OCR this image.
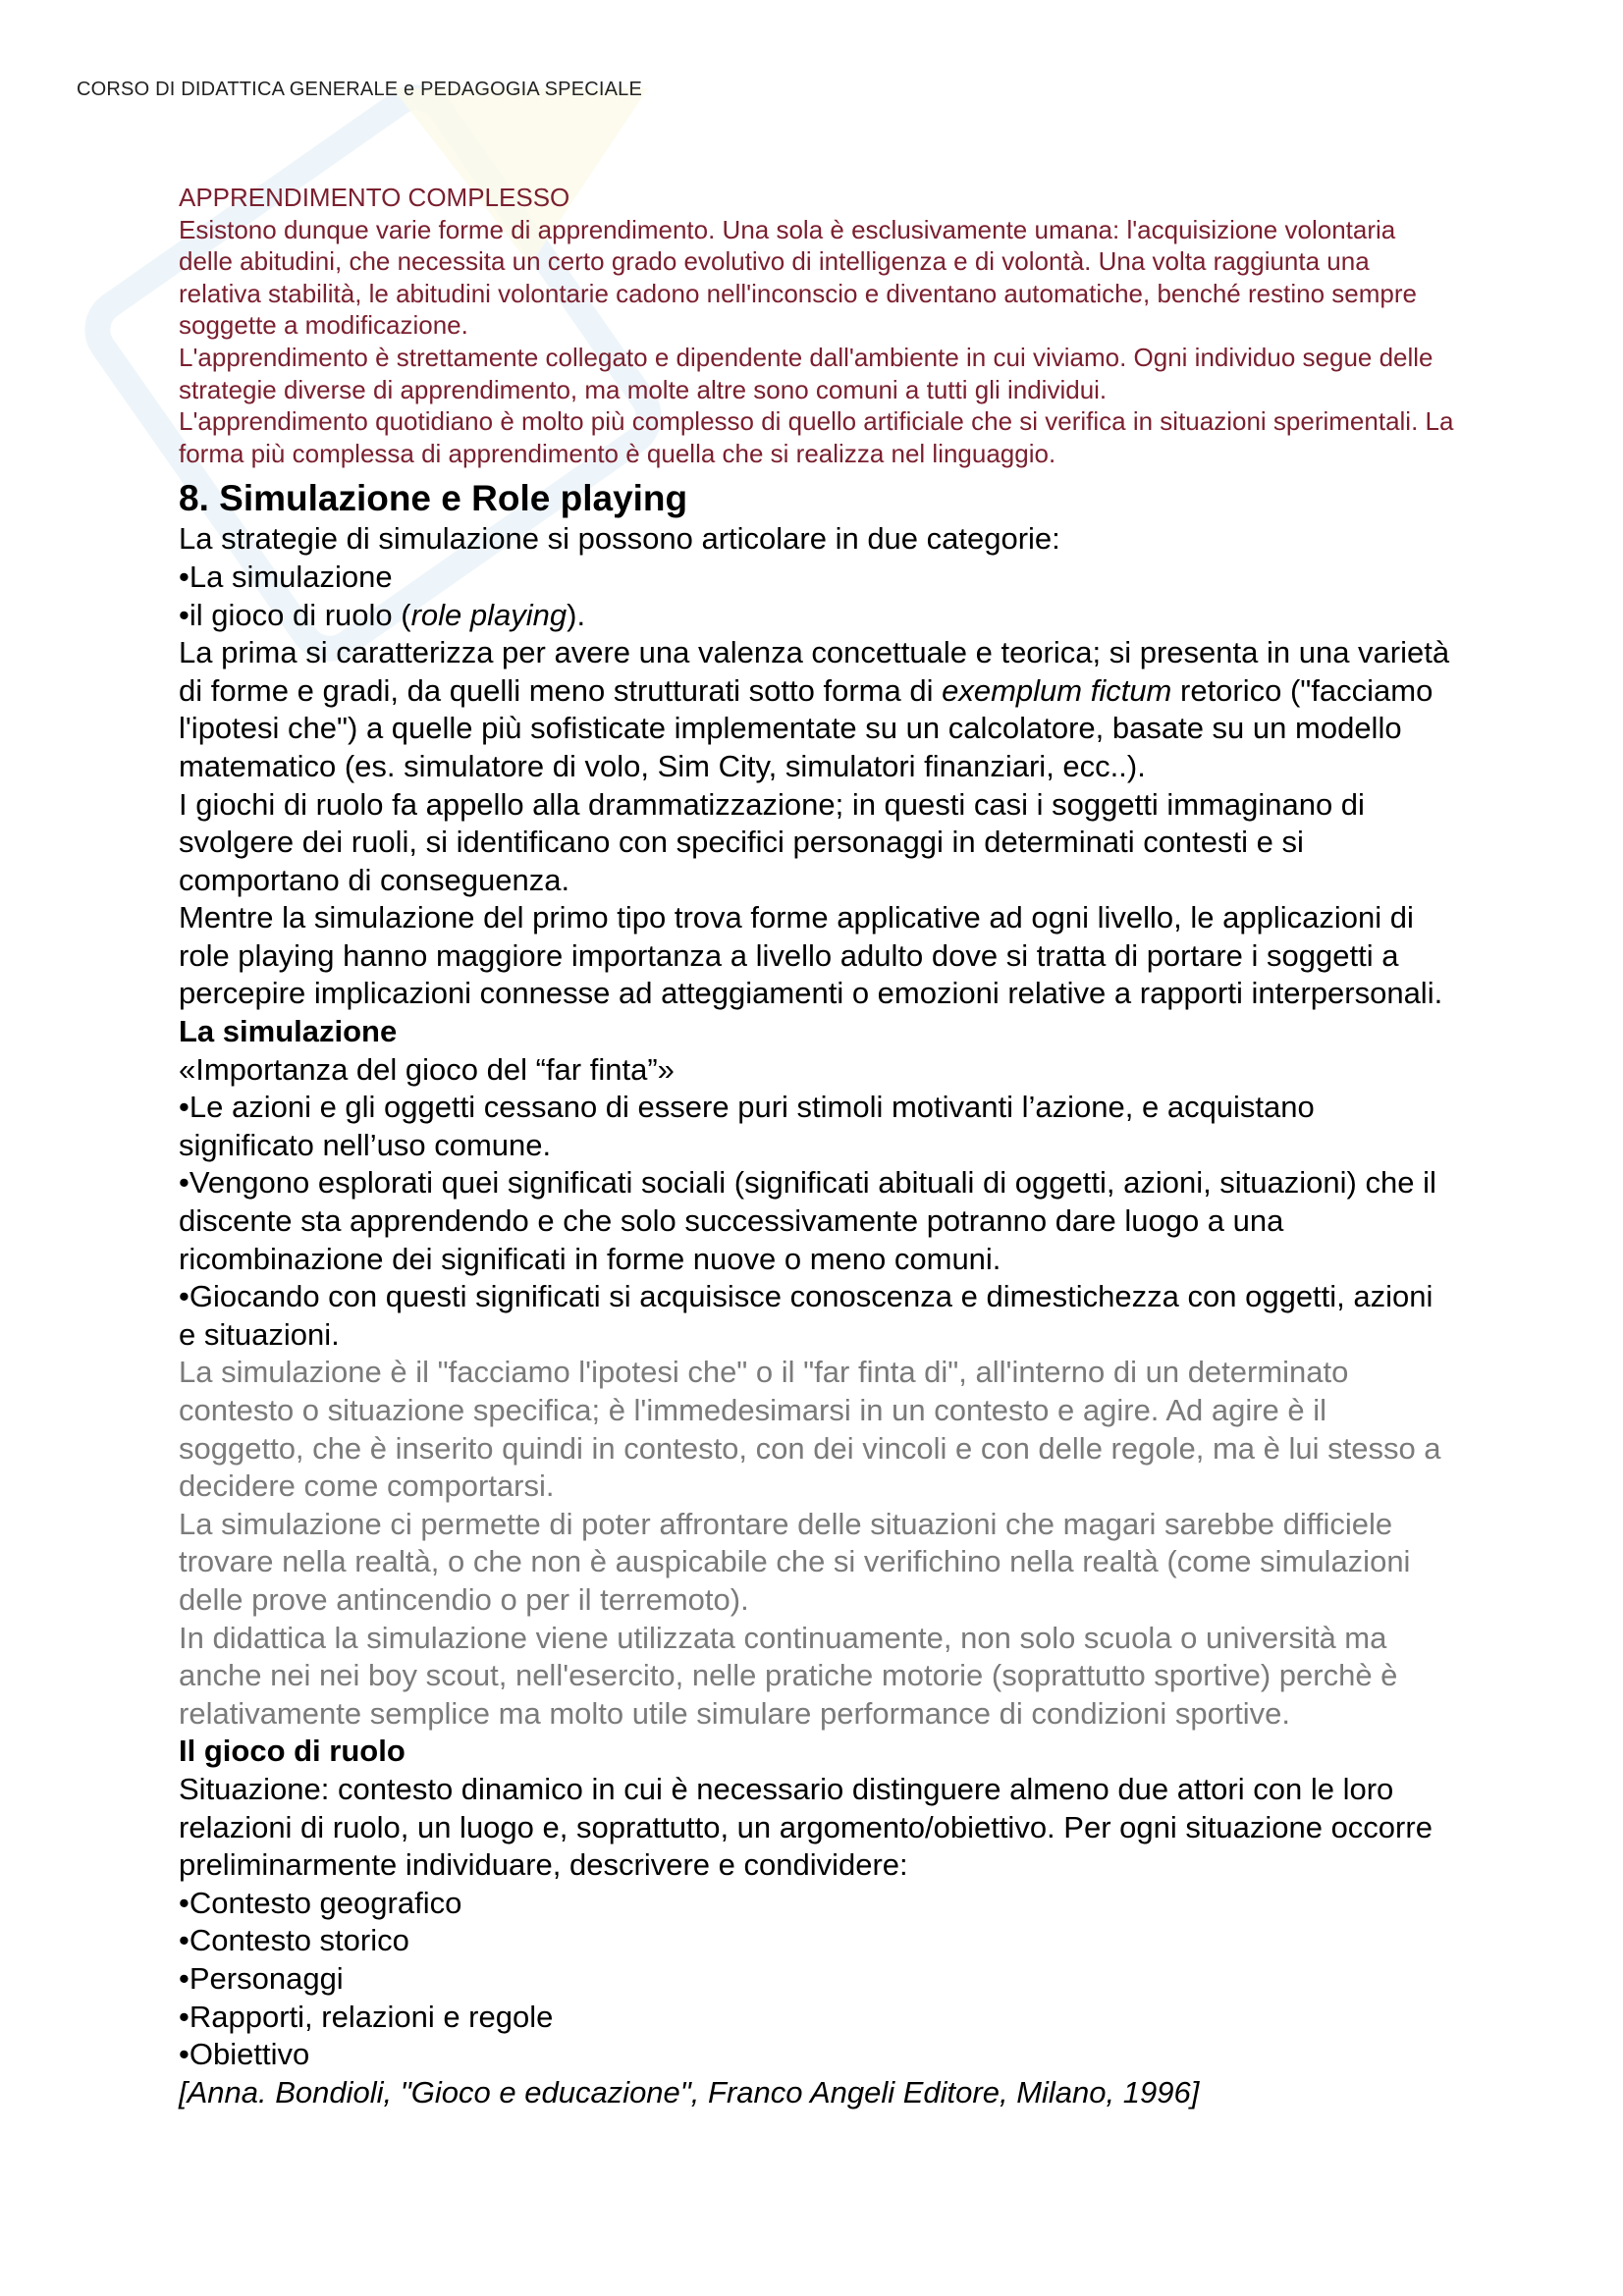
CORSO DI DIDATTICA GENERALE e PEDAGOGIA SPECIALE

APPRENDIMENTO COMPLESSO

Esistono dunque varie forme di apprendimento. Una sola è esclusivamente umana: l'acquisizione volontaria delle abitudini, che necessita un certo grado evolutivo di intelligenza e di volontà. Una volta raggiunta una relativa stabilità, le abitudini volontarie cadono nell'inconscio e diventano automatiche, benché restino sempre soggette a modificazione.

L'apprendimento è strettamente collegato e dipendente dall'ambiente in cui viviamo. Ogni individuo segue delle strategie diverse di apprendimento, ma molte altre sono comuni a tutti gli individui.

L'apprendimento quotidiano è molto più complesso di quello artificiale che si verifica in situazioni sperimentali. La forma più complessa di apprendimento è quella che si realizza nel linguaggio.

8. Simulazione e Role playing

La strategie di simulazione si possono articolare in due categorie:

• La simulazione

• il gioco di ruolo (role playing).

La prima si caratterizza per avere una valenza concettuale e teorica; si presenta in una varietà di forme e gradi, da quelli meno strutturati sotto forma di exemplum fictum retorico ("facciamo l'ipotesi che") a quelle più sofisticate implementate su un calcolatore, basate su un modello matematico (es. simulatore di volo, Sim City, simulatori finanziari, ecc..).

I giochi di ruolo fa appello alla drammatizzazione; in questi casi i soggetti immaginano di svolgere dei ruoli, si identificano con specifici personaggi in determinati contesti e si comportano di conseguenza.

Mentre la simulazione del primo tipo trova forme applicative ad ogni livello, le applicazioni di role playing hanno maggiore importanza a livello adulto dove si tratta di portare i soggetti a percepire implicazioni connesse ad atteggiamenti o emozioni relative a rapporti interpersonali.

La simulazione

«Importanza del gioco del “far finta”»

• Le azioni e gli oggetti cessano di essere puri stimoli motivanti l’azione, e acquistano significato nell’uso comune.

• Vengono esplorati quei significati sociali (significati abituali di oggetti, azioni, situazioni) che il discente sta apprendendo e che solo successivamente potranno dare luogo a una ricombinazione dei significati in forme nuove o meno comuni.

• Giocando con questi significati si acquisisce conoscenza e dimestichezza con oggetti, azioni e situazioni.

La simulazione è il "facciamo l'ipotesi che" o il "far finta di", all'interno di un determinato contesto o situazione specifica; è l'immedesimarsi in un contesto e agire. Ad agire è il soggetto, che è inserito quindi in contesto, con dei vincoli e con delle regole, ma è lui stesso a decidere come comportarsi.

La simulazione ci permette di poter affrontare delle situazioni che magari sarebbe difficiele trovare nella realtà, o che non è auspicabile che si verifichino nella realtà (come simulazioni delle prove antincendio o per il terremoto).

In didattica la simulazione viene utilizzata continuamente, non solo scuola o università ma anche nei nei boy scout, nell'esercito, nelle pratiche motorie (soprattutto sportive) perchè è relativamente semplice ma molto utile simulare performance di condizioni sportive.

Il gioco di ruolo

Situazione: contesto dinamico in cui è necessario distinguere almeno due attori con le loro relazioni di ruolo, un luogo e, soprattutto, un argomento/obiettivo. Per ogni situazione occorre preliminarmente individuare, descrivere e condividere:

• Contesto geografico

• Contesto storico

• Personaggi

• Rapporti, relazioni e regole

• Obiettivo

[Anna. Bondioli, "Gioco e educazione", Franco Angeli Editore, Milano, 1996]
